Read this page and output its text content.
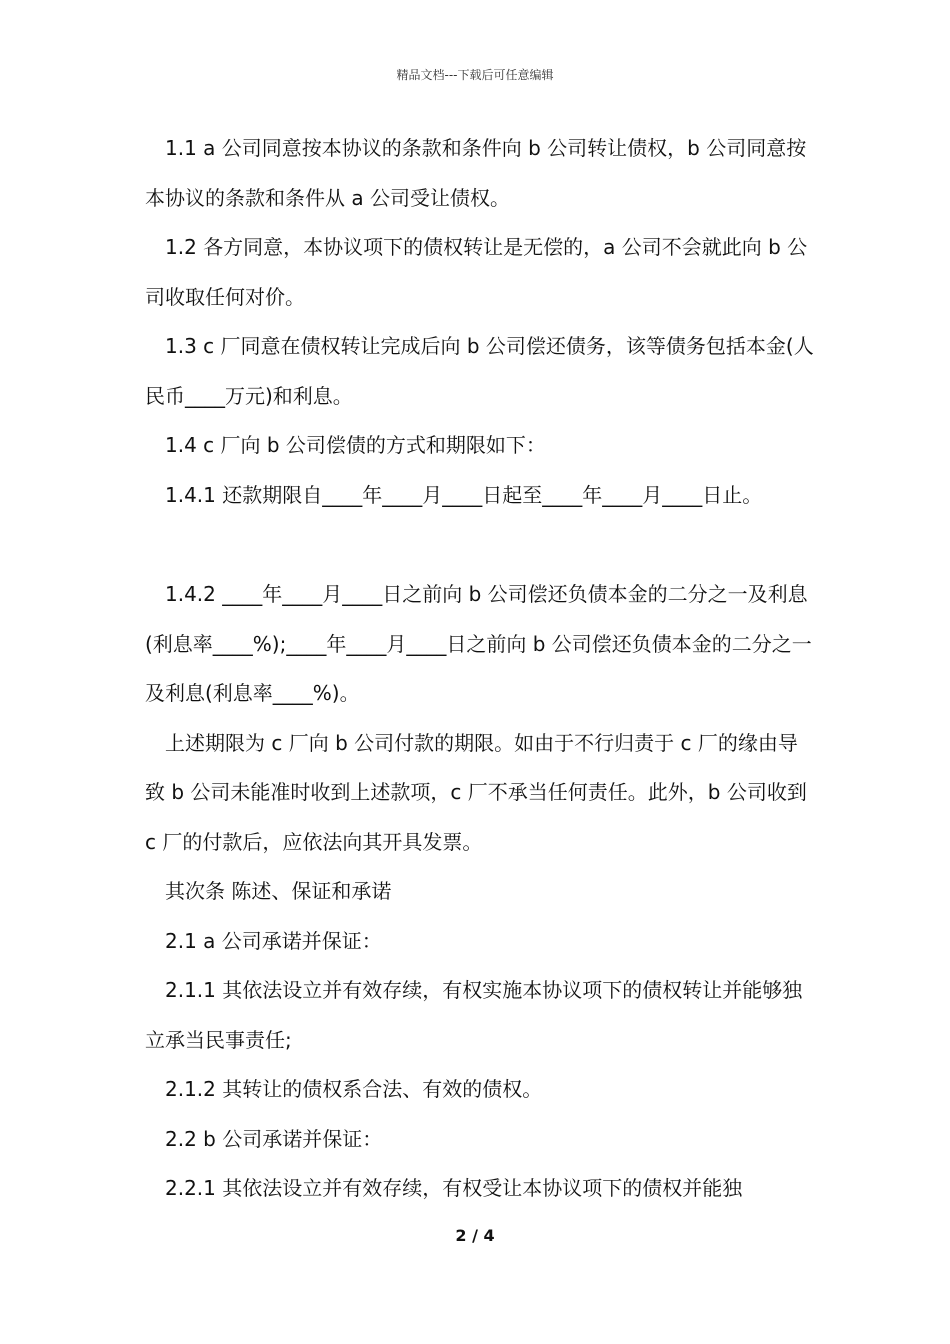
精品文档---下载后可任意编辑

1.1 a 公司同意按本协议的条款和条件向 b 公司转让债权，b 公司同意按本协议的条款和条件从 a 公司受让债权。

1.2 各方同意，本协议项下的债权转让是无偿的，a 公司不会就此向 b 公司收取任何对价。

1.3 c 厂同意在债权转让完成后向 b 公司偿还债务，该等债务包括本金(人民币____万元)和利息。

1.4 c 厂向 b 公司偿债的方式和期限如下：

1.4.1 还款期限自____年____月____日起至____年____月____日止。

1.4.2 ____年____月____日之前向 b 公司偿还负债本金的二分之一及利息(利息率____%);____年____月____日之前向 b 公司偿还负债本金的二分之一及利息(利息率____%)。

上述期限为 c 厂向 b 公司付款的期限。如由于不行归责于 c 厂的缘由导致 b 公司未能准时收到上述款项，c 厂不承当任何责任。此外，b 公司收到 c 厂的付款后，应依法向其开具发票。

其次条 陈述、保证和承诺

2.1 a 公司承诺并保证：

2.1.1 其依法设立并有效存续，有权实施本协议项下的债权转让并能够独立承当民事责任;

2.1.2 其转让的债权系合法、有效的债权。

2.2 b 公司承诺并保证：

2.2.1 其依法设立并有效存续，有权受让本协议项下的债权并能独

2 / 4
